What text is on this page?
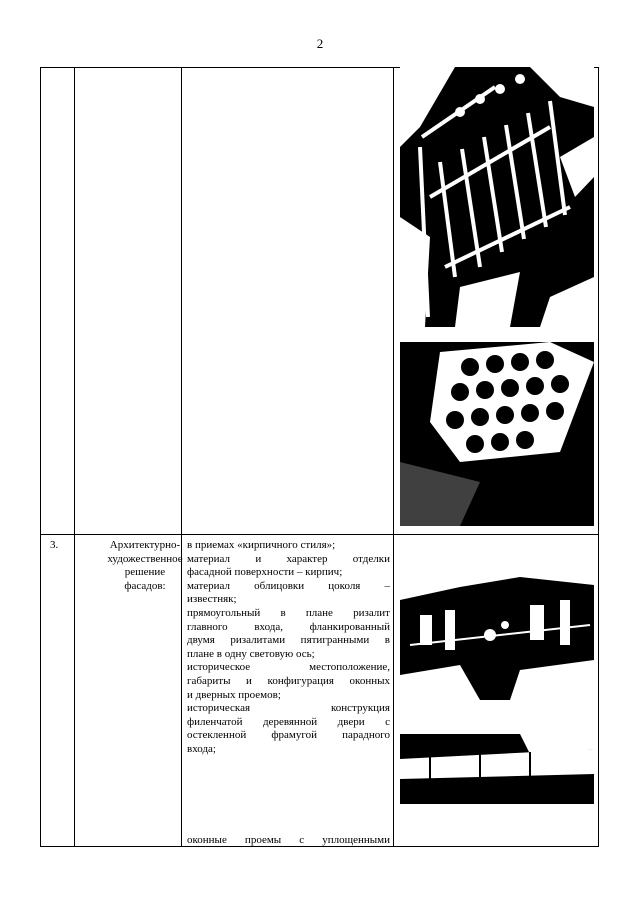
2
3.	Архитектурно-
художественное
решение
фасадов:

в приемах «кирпичного стиля»;

материал и характер отделки

фасадной поверхности – кирпич;

материал облицовки цоколя –

известняк;

прямоугольный в плане ризалит

главного входа, фланкированный

двумя ризалитами пятигранными в

плане в одну световую ось;

историческое местоположение,

габариты и конфигурация оконных

и дверных проемов;

историческая конструкция

филенчатой деревянной двери с

остекленной фрамугой парадного

входа;

оконные проемы с уплощенными
